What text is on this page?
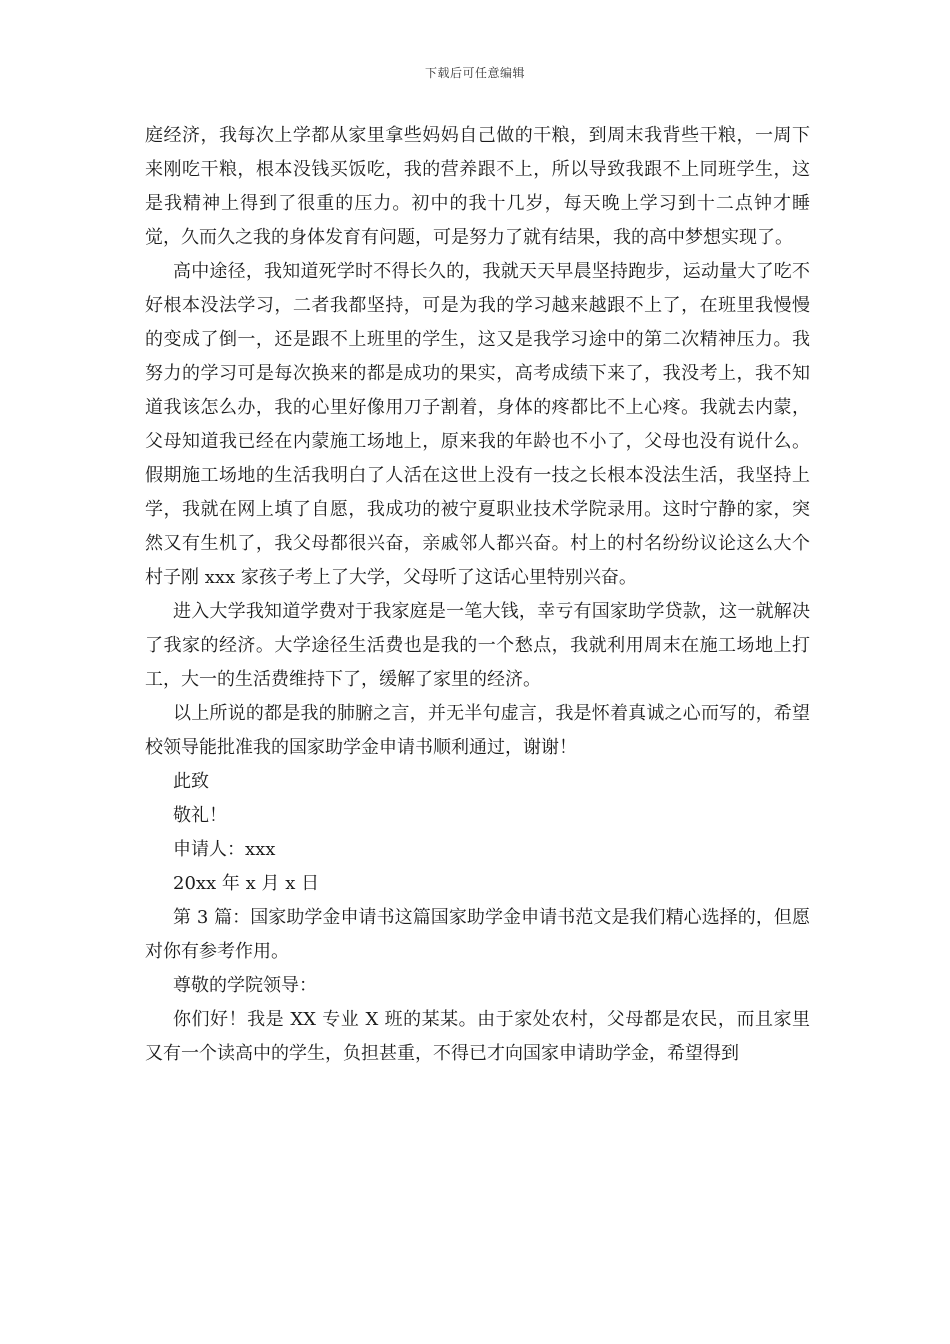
下载后可任意编辑

庭经济，我每次上学都从家里拿些妈妈自己做的干粮，到周末我背些干粮，一周下来刚吃干粮，根本没钱买饭吃，我的营养跟不上，所以导致我跟不上同班学生，这是我精神上得到了很重的压力。初中的我十几岁，每天晚上学习到十二点钟才睡觉，久而久之我的身体发育有问题，可是努力了就有结果，我的高中梦想实现了。

高中途径，我知道死学时不得长久的，我就天天早晨坚持跑步，运动量大了吃不好根本没法学习，二者我都坚持，可是为我的学习越来越跟不上了，在班里我慢慢的变成了倒一，还是跟不上班里的学生，这又是我学习途中的第二次精神压力。我努力的学习可是每次换来的都是成功的果实，高考成绩下来了，我没考上，我不知道我该怎么办，我的心里好像用刀子割着，身体的疼都比不上心疼。我就去内蒙，父母知道我已经在内蒙施工场地上，原来我的年龄也不小了，父母也没有说什么。假期施工场地的生活我明白了人活在这世上没有一技之长根本没法生活，我坚持上学，我就在网上填了自愿，我成功的被宁夏职业技术学院录用。这时宁静的家，突然又有生机了，我父母都很兴奋，亲戚邻人都兴奋。村上的村名纷纷议论这么大个村子刚 xxx 家孩子考上了大学，父母听了这话心里特别兴奋。

进入大学我知道学费对于我家庭是一笔大钱，幸亏有国家助学贷款，这一就解决了我家的经济。大学途径生活费也是我的一个愁点，我就利用周末在施工场地上打工，大一的生活费维持下了，缓解了家里的经济。

以上所说的都是我的肺腑之言，并无半句虚言，我是怀着真诚之心而写的，希望校领导能批准我的国家助学金申请书顺利通过，谢谢！

此致

敬礼！

申请人：xxx

20xx 年 x 月 x 日

第 3 篇：国家助学金申请书这篇国家助学金申请书范文是我们精心选择的，但愿对你有参考作用。

尊敬的学院领导：

你们好！我是 XX 专业 X 班的某某。由于家处农村，父母都是农民，而且家里又有一个读高中的学生，负担甚重，不得已才向国家申请助学金，希望得到
